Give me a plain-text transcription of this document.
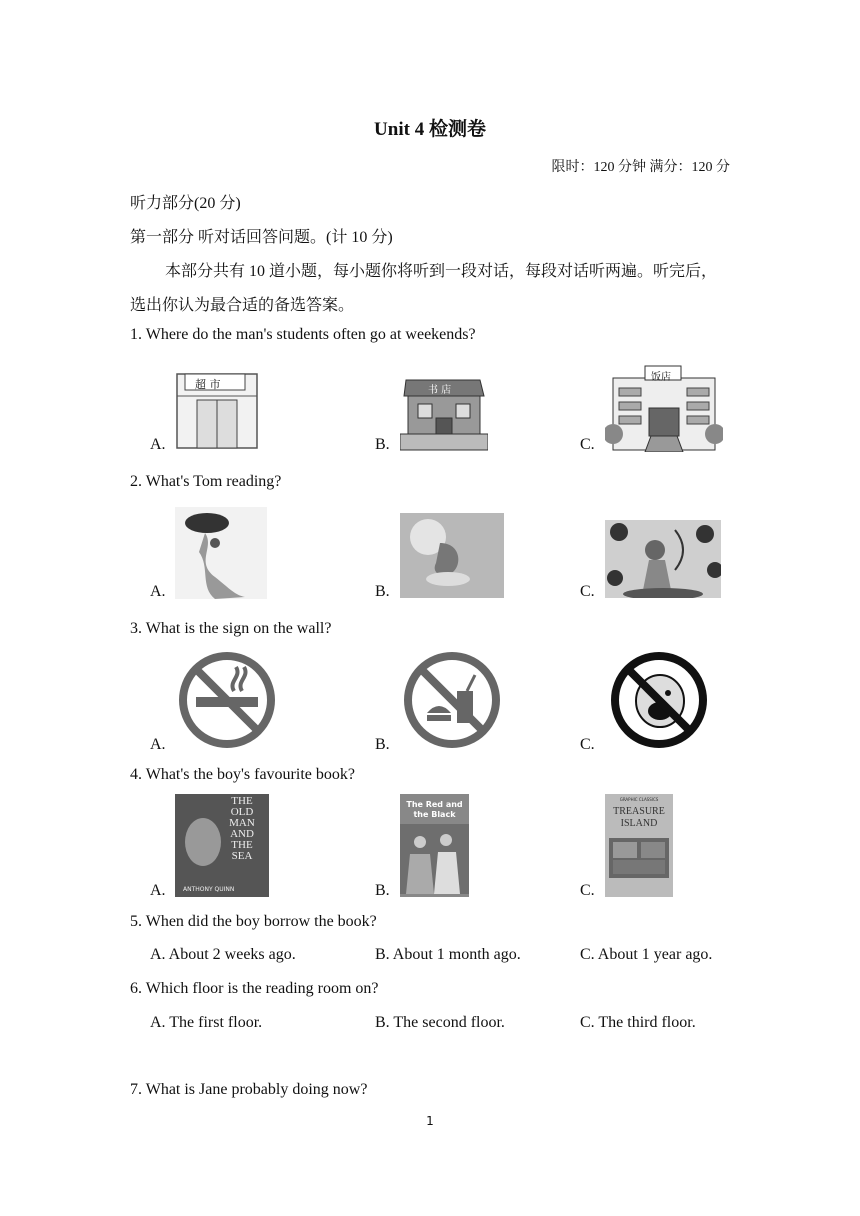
Unit 4 检测卷
限时：120 分钟 满分：120 分
听力部分(20 分)
第一部分 听对话回答问题。(计 10 分)
本部分共有 10 道小题，每小题你将听到一段对话，每段对话听两遍。听完后，
选出你认为最合适的备选答案。
1. Where do the man's students often go at weekends?
A.	B.	C.
超 市	书 店
饭店
2. What's Tom reading?
A.	B.	C.
3. What is the sign on the wall?
A.	B.	C.
4. What's the boy's favourite book?
A.	B.	C.
THE
OLD
MAN
AND
THE
SEA
ANTHONY QUINN
The Red and
the Black
GRAPHIC CLASSICS
TREASURE
ISLAND
5. When did the boy borrow the book?
A. About 2 weeks ago.	B. About 1 month ago.	C. About 1 year ago.
6. Which floor is the reading room on?
A. The first floor.	B. The second floor.	C. The third floor.
7. What is Jane probably doing now?
1
